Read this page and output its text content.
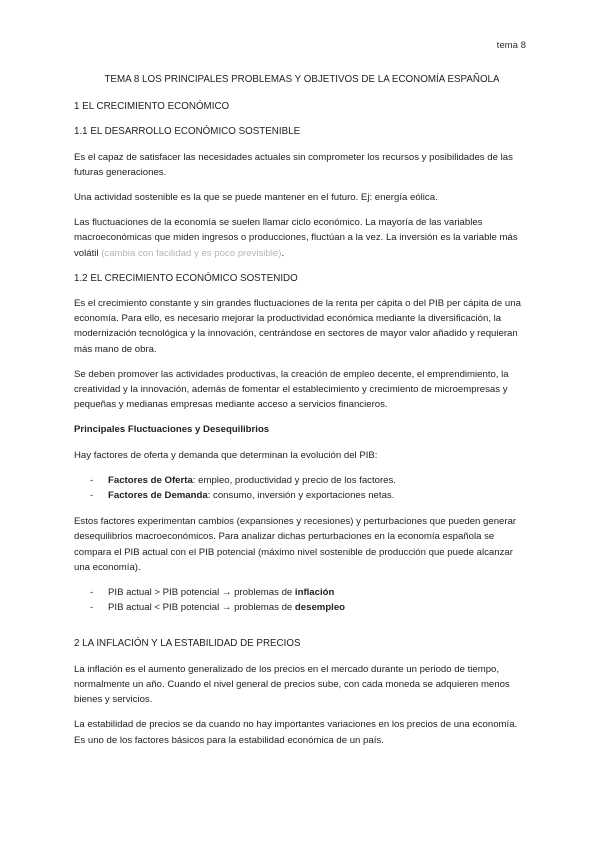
tema 8
TEMA 8 LOS PRINCIPALES PROBLEMAS Y OBJETIVOS DE LA ECONOMÍA ESPAÑOLA
1 EL CRECIMIENTO ECONÓMICO
1.1 EL DESARROLLO ECONÓMICO SOSTENIBLE

Es el capaz de satisfacer las necesidades actuales sin comprometer los recursos y posibilidades de las futuras generaciones.

Una actividad sostenible es la que se puede mantener en el futuro. Ej: energía eólica.

Las fluctuaciones de la economía se suelen llamar ciclo económico. La mayoría de las variables macroeconómicas que miden ingresos o producciones, fluctúan a la vez. La inversión es la variable más volátil (cambia con facilidad y es poco previsible).

1.2 EL CRECIMIENTO ECONÓMICO SOSTENIDO

Es el crecimiento constante y sin grandes fluctuaciones de la renta per cápita o del PIB per cápita de una economía. Para ello, es necesario mejorar la productividad económica mediante la diversificación, la modernización tecnológica y la innovación, centrándose en sectores de mayor valor añadido y requieran más mano de obra.

Se deben promover las actividades productivas, la creación de empleo decente, el emprendimiento, la creatividad y la innovación, además de fomentar el establecimiento y crecimiento de microempresas y pequeñas y medianas empresas mediante acceso a servicios financieros.

Principales Fluctuaciones y Desequilibrios

Hay factores de oferta y demanda que determinan la evolución del PIB:

- Factores de Oferta: empleo, productividad y precio de los factores.
- Factores de Demanda: consumo, inversión y exportaciones netas.

Estos factores experimentan cambios (expansiones y recesiones) y perturbaciones que pueden generar desequilibrios macroeconómicos. Para analizar dichas perturbaciones en la economía española se compara el PIB actual con el PIB potencial (máximo nivel sostenible de producción que puede alcanzar una economía).

- PIB actual > PIB potencial → problemas de inflación
- PIB actual < PIB potencial → problemas de desempleo
2 LA INFLACIÓN Y LA ESTABILIDAD DE PRECIOS

La inflación es el aumento generalizado de los precios en el mercado durante un periodo de tiempo, normalmente un año. Cuando el nivel general de precios sube, con cada moneda se adquieren menos bienes y servicios.

La estabilidad de precios se da cuando no hay importantes variaciones en los precios de una economía. Es uno de los factores básicos para la estabilidad económica de un país.
